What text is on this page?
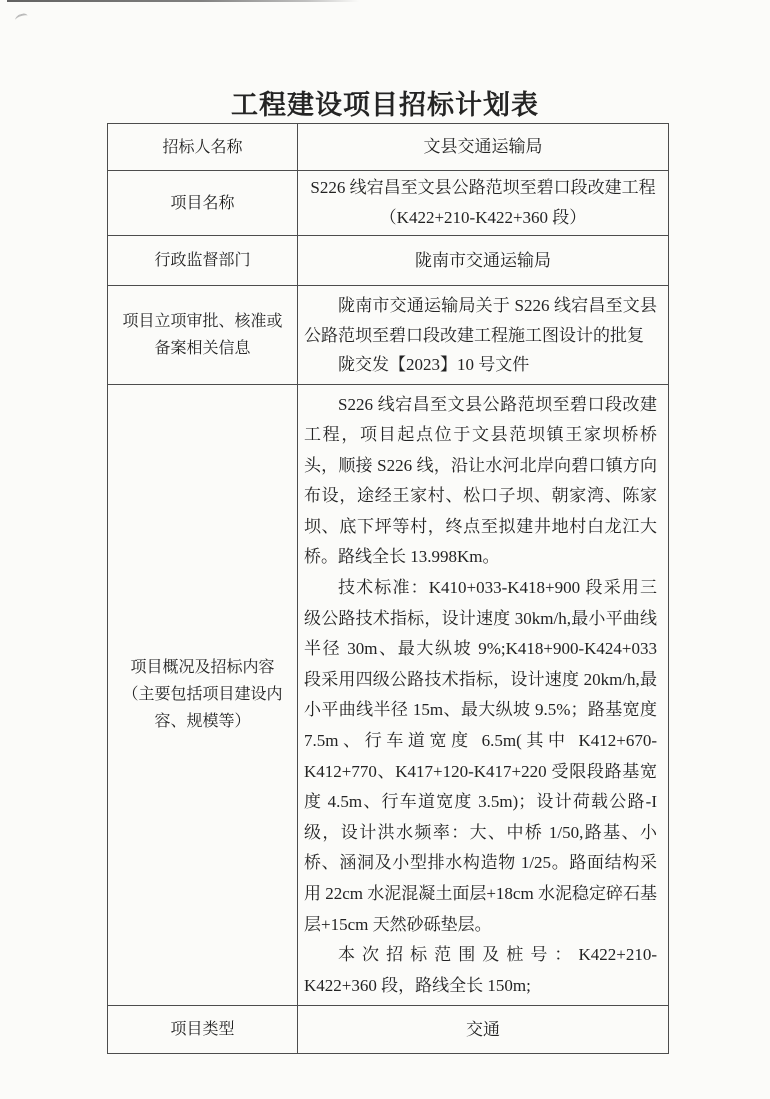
工程建设项目招标计划表
招标人名称	文县交通运输局

项目名称	S226 线宕昌至文县公路范坝至碧口段改建工程
（K422+210-K422+360 段）

行政监督部门	陇南市交通运输局

项目立项审批、核准或备案相关信息	陇南市交通运输局关于 S226 线宕昌至文县公路范坝至碧口段改建工程施工图设计的批复

陇交发【2023】10 号文件

项目概况及招标内容（主要包括项目建设内容、规模等）	S226 线宕昌至文县公路范坝至碧口段改建工程，项目起点位于文县范坝镇王家坝桥桥头，顺接 S226 线，沿让水河北岸向碧口镇方向布设，途经王家村、松口子坝、朝家湾、陈家坝、底下坪等村，终点至拟建井地村白龙江大桥。路线全长 13.998Km。

技术标准：K410+033-K418+900 段采用三级公路技术指标，设计速度 30km/h,最小平曲线半径 30m、最大纵坡 9%;K418+900-K424+033 段采用四级公路技术指标，设计速度 20km/h,最小平曲线半径 15m、最大纵坡 9.5%；路基宽度 7.5m、行车道宽度 6.5m(其中 K412+670-K412+770、K417+120-K417+220 受限段路基宽度 4.5m、行车道宽度 3.5m)；设计荷载公路-I 级，设计洪水频率：大、中桥 1/50,路基、小桥、涵洞及小型排水构造物 1/25。路面结构采用 22cm 水泥混凝土面层+18cm 水泥稳定碎石基层+15cm 天然砂砾垫层。

本次招标范围及桩号：K422+210-K422+360 段，路线全长 150m;

项目类型	交通
